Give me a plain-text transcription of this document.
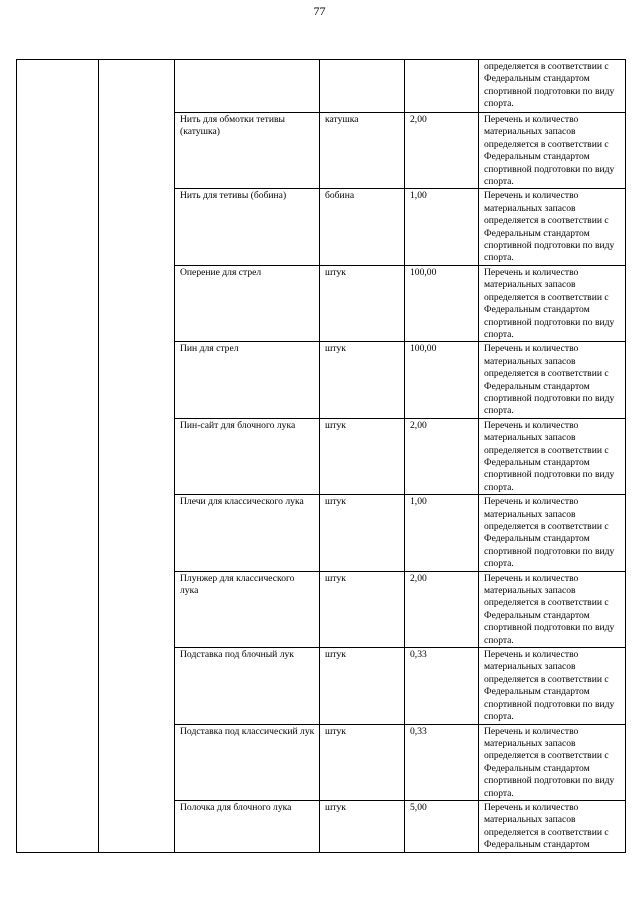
77
					определяется в соответствии с Федеральным стандартом спортивной подготовки по виду спорта.
		Нить для обмотки тетивы (катушка)	катушка	2,00	Перечень и количество материальных запасов определяется в соответствии с Федеральным стандартом спортивной подготовки по виду спорта.
		Нить для тетивы (бобина)	бобина	1,00	Перечень и количество материальных запасов определяется в соответствии с Федеральным стандартом спортивной подготовки по виду спорта.
		Оперение для стрел	штук	100,00	Перечень и количество материальных запасов определяется в соответствии с Федеральным стандартом спортивной подготовки по виду спорта.
		Пин для стрел	штук	100,00	Перечень и количество материальных запасов определяется в соответствии с Федеральным стандартом спортивной подготовки по виду спорта.
		Пин-сайт для блочного лука	штук	2,00	Перечень и количество материальных запасов определяется в соответствии с Федеральным стандартом спортивной подготовки по виду спорта.
		Плечи для классического лука	штук	1,00	Перечень и количество материальных запасов определяется в соответствии с Федеральным стандартом спортивной подготовки по виду спорта.
		Плунжер для классического лука	штук	2,00	Перечень и количество материальных запасов определяется в соответствии с Федеральным стандартом спортивной подготовки по виду спорта.
		Подставка под блочный лук	штук	0,33	Перечень и количество материальных запасов определяется в соответствии с Федеральным стандартом спортивной подготовки по виду спорта.
		Подставка под классический лук	штук	0,33	Перечень и количество материальных запасов определяется в соответствии с Федеральным стандартом спортивной подготовки по виду спорта.
		Полочка для блочного лука	штук	5,00	Перечень и количество материальных запасов определяется в соответствии с Федеральным стандартом
